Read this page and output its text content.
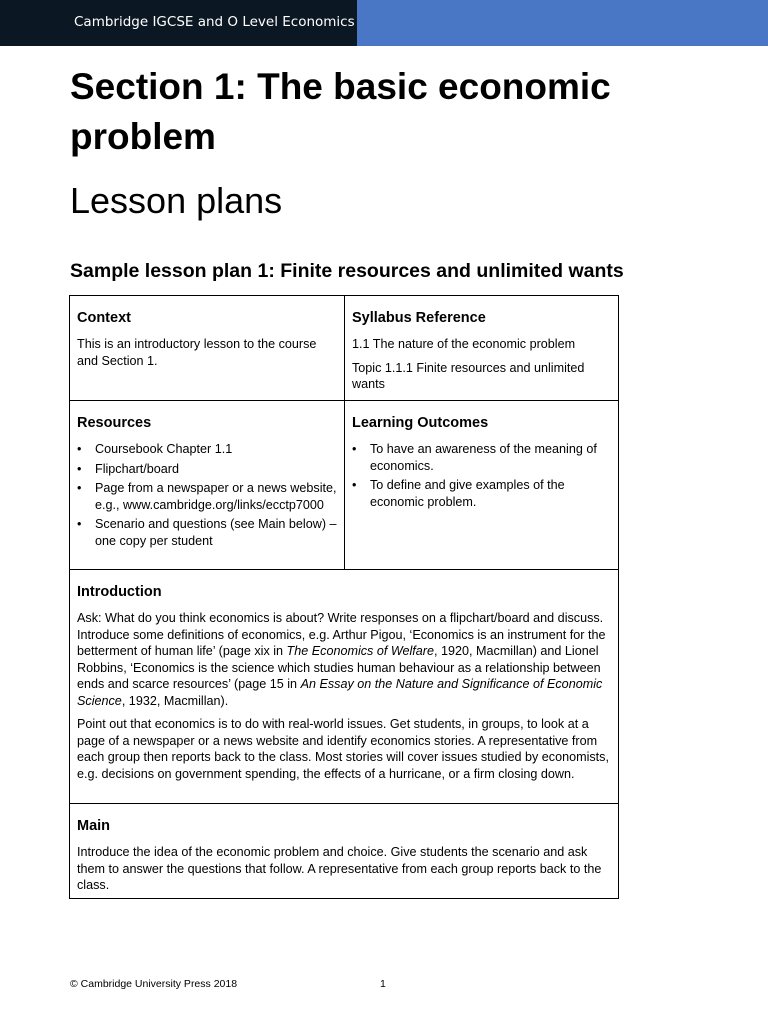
Cambridge IGCSE and O Level Economics
Section 1: The basic economic problem
Lesson plans
Sample lesson plan 1: Finite resources and unlimited wants
Context

This is an introductory lesson to the course and Section 1.

Syllabus Reference

1.1 The nature of the economic problem

Topic 1.1.1 Finite resources and unlimited wants

Resources
• Coursebook Chapter 1.1
• Flipchart/board
• Page from a newspaper or a news website, e.g., www.cambridge.org/links/ecctp7000
• Scenario and questions (see Main below) – one copy per student
Learning Outcomes
• To have an awareness of the meaning of economics.
• To define and give examples of the economic problem.
Introduction

Ask: What do you think economics is about? Write responses on a flipchart/board and discuss. Introduce some definitions of economics, e.g. Arthur Pigou, ‘Economics is an instrument for the betterment of human life’ (page xix in The Economics of Welfare, 1920, Macmillan) and Lionel Robbins, ‘Economics is the science which studies human behaviour as a relationship between ends and scarce resources’ (page 15 in An Essay on the Nature and Significance of Economic Science, 1932, Macmillan).

Point out that economics is to do with real-world issues. Get students, in groups, to look at a page of a newspaper or a news website and identify economics stories. A representative from each group then reports back to the class. Most stories will cover issues studied by economists, e.g. decisions on government spending, the effects of a hurricane, or a firm closing down.

Main

Introduce the idea of the economic problem and choice. Give students the scenario and ask them to answer the questions that follow. A representative from each group reports back to the class.

© Cambridge University Press 2018	1
